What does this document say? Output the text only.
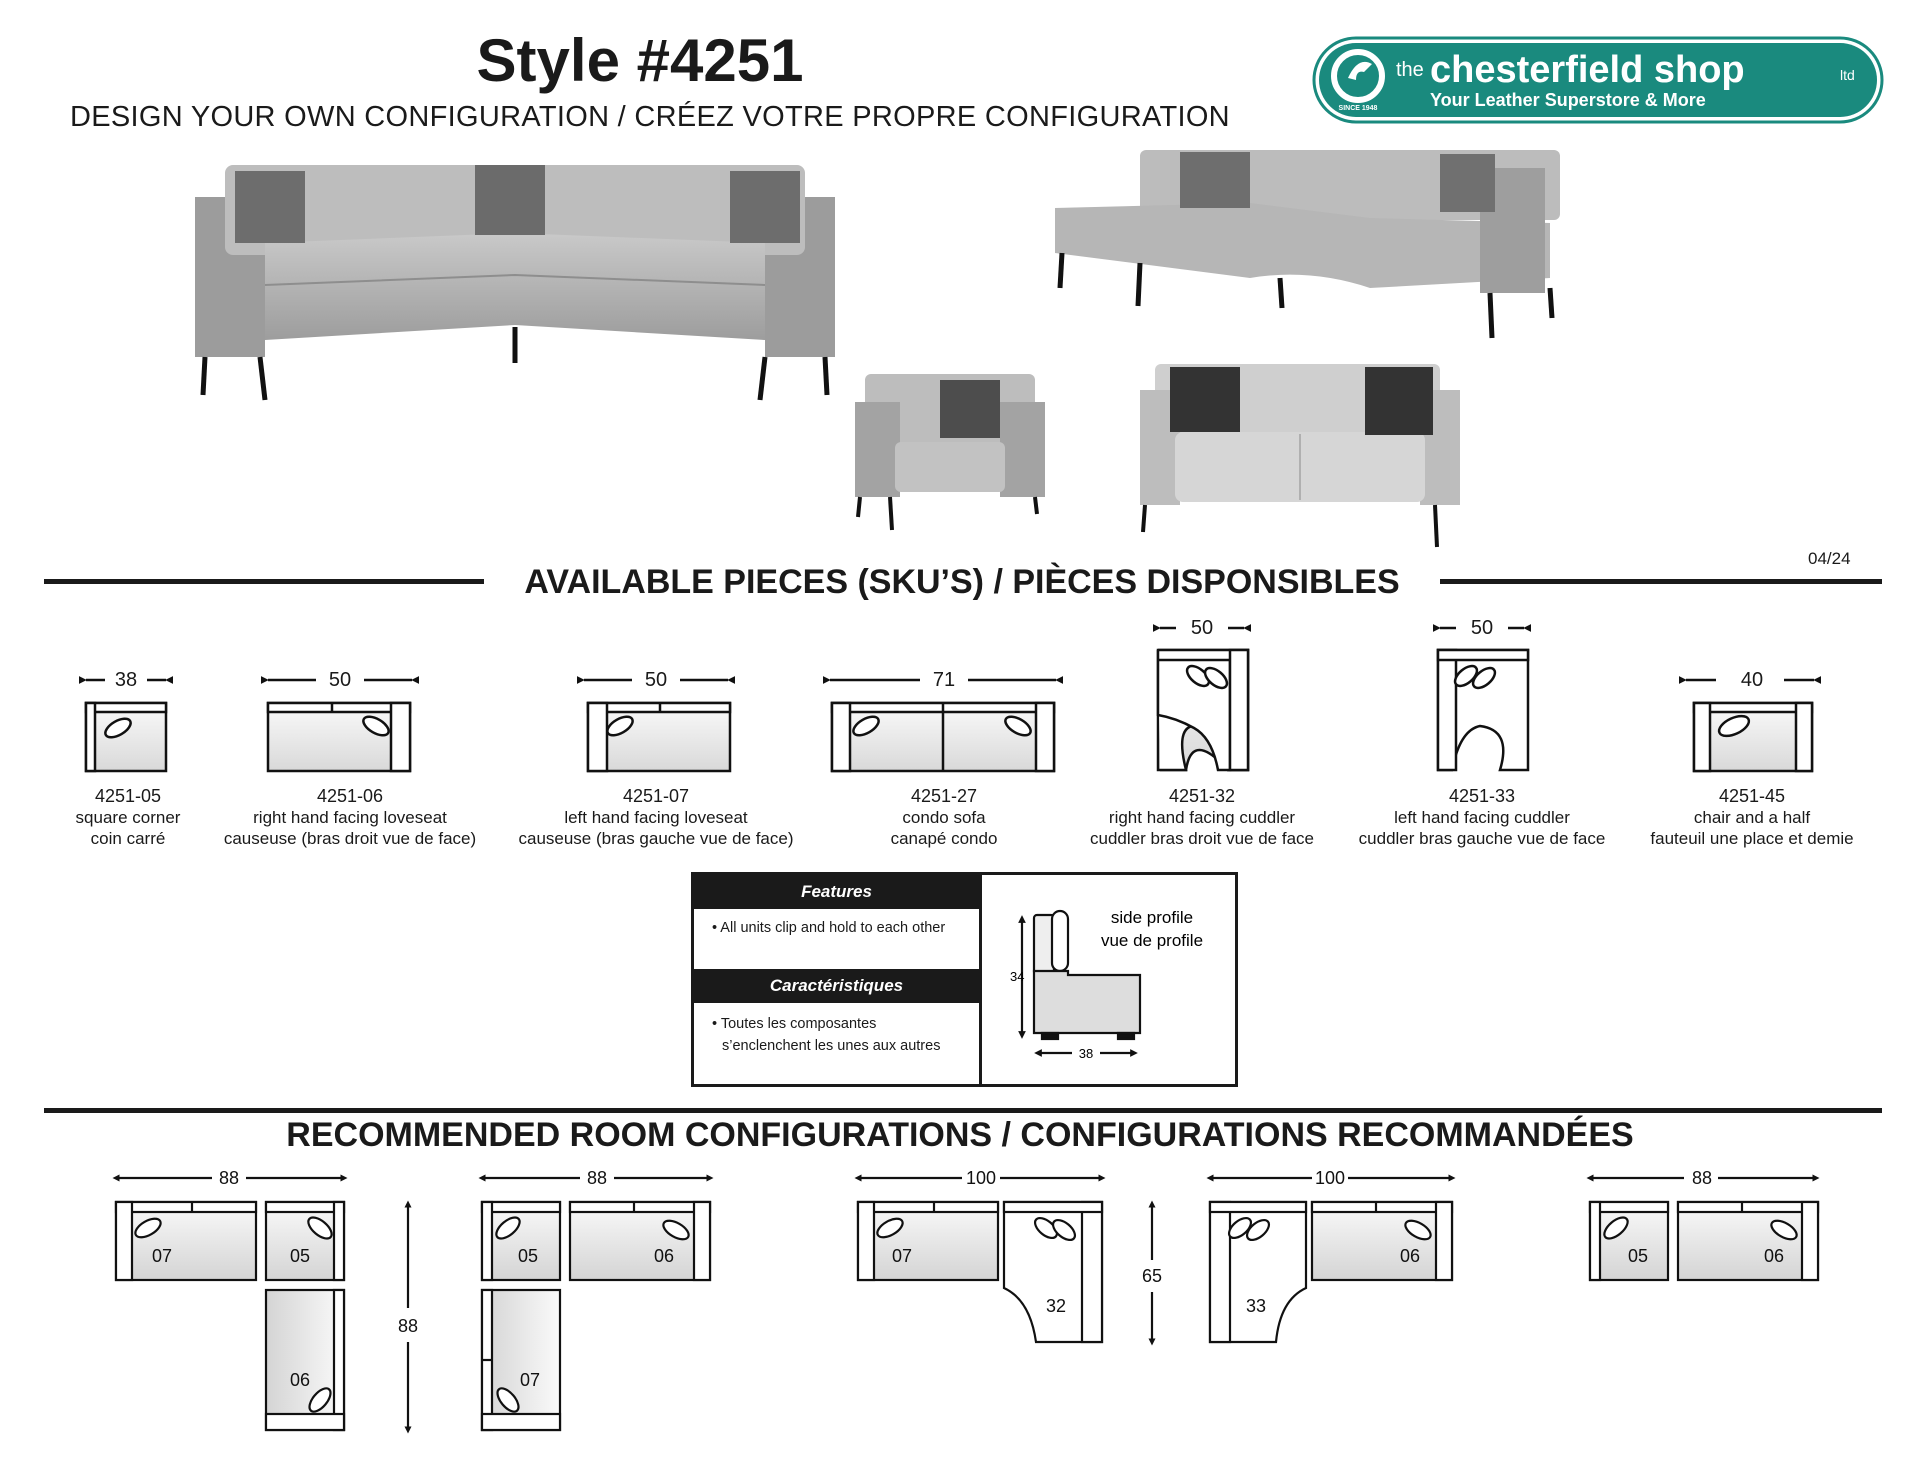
Style #4251
DESIGN YOUR OWN CONFIGURATION / CRÉEZ VOTRE PROPRE CONFIGURATION	SINCE 1948
the chesterfield shop	ltd
Your Leather Superstore & More
04/24
AVAILABLE PIECES (SKU’S) / PIÈCES DISPONSIBLES
38	50	50	71
50	50
40
4251-05
square corner
coin carré
4251-06
right hand facing loveseat
causeuse (bras droit vue de face)
4251-07
left hand facing loveseat
causeuse (bras gauche vue de face)
4251-27
condo sofa
canapé condo
4251-32
right hand facing cuddler
cuddler bras droit vue de face
4251-33
left hand facing cuddler
cuddler bras gauche vue de face
4251-45
chair and a half
fauteuil une place et demie
Features
• All units clip and hold to each other
Caractéristiques
• Toutes les composantes
s’enclenchent les unes aux autres
34
38
side profile
vue de profile
RECOMMENDED ROOM CONFIGURATIONS / CONFIGURATIONS RECOMMANDÉES
88
88
07	05
06
88
05	06
07
100
65
07
32
100
33
06
88
05	06
